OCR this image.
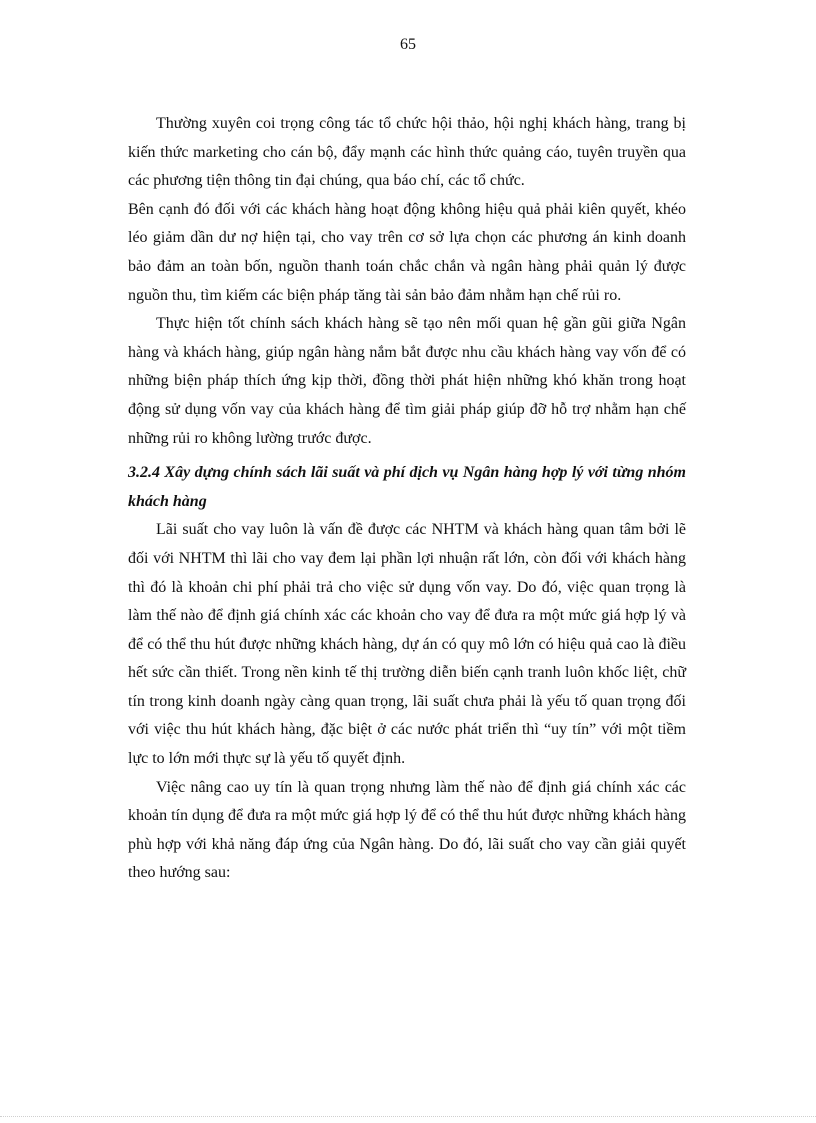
65

Thường xuyên coi trọng công tác tổ chức hội thảo, hội nghị khách hàng, trang bị kiến thức marketing cho cán bộ, đẩy mạnh các hình thức quảng cáo, tuyên truyền qua các phương tiện thông tin đại chúng, qua báo chí, các tổ chức.

Bên cạnh đó đối với các khách hàng hoạt động không hiệu quả phải kiên quyết, khéo léo giảm dần dư nợ hiện tại, cho vay trên cơ sở lựa chọn các phương án kinh doanh bảo đảm an toàn bốn, nguồn thanh toán chắc chắn và ngân hàng phải quản lý được nguồn thu, tìm kiếm các biện pháp tăng tài sản bảo đảm nhằm hạn chế rủi ro.

Thực hiện tốt chính sách khách hàng sẽ tạo nên mối quan hệ gần gũi giữa Ngân hàng và khách hàng, giúp ngân hàng nắm bắt được nhu cầu khách hàng vay vốn để có những biện pháp thích ứng kịp thời, đồng thời phát hiện những khó khăn trong hoạt động sử dụng vốn vay của khách hàng để tìm giải pháp giúp đỡ hỗ trợ nhằm hạn chế những rủi ro không lường trước được.

3.2.4 Xây dựng chính sách lãi suất và phí dịch vụ Ngân hàng hợp lý với từng nhóm khách hàng

Lãi suất cho vay luôn là vấn đề được các NHTM và khách hàng quan tâm bởi lẽ đối với NHTM thì lãi cho vay đem lại phần lợi nhuận rất lớn, còn đối với khách hàng thì đó là khoản chi phí phải trả cho việc sử dụng vốn vay. Do đó, việc quan trọng là làm thế nào để định giá chính xác các khoản cho vay để đưa ra một mức giá hợp lý và để có thể thu hút được những khách hàng, dự án có quy mô lớn có hiệu quả cao là điều hết sức cần thiết. Trong nền kinh tế thị trường diễn biến cạnh tranh luôn khốc liệt, chữ tín trong kinh doanh ngày càng quan trọng, lãi suất chưa phải là yếu tố quan trọng đối với việc thu hút khách hàng, đặc biệt ở các nước phát triển thì “uy tín” với một tiềm lực to lớn mới thực sự là yếu tố quyết định.

Việc nâng cao uy tín là quan trọng nhưng làm thế nào để định giá chính xác các khoản tín dụng để đưa ra một mức giá hợp lý để có thể thu hút được những khách hàng phù hợp với khả năng đáp ứng của Ngân hàng. Do đó, lãi suất cho vay cần giải quyết theo hướng sau:
